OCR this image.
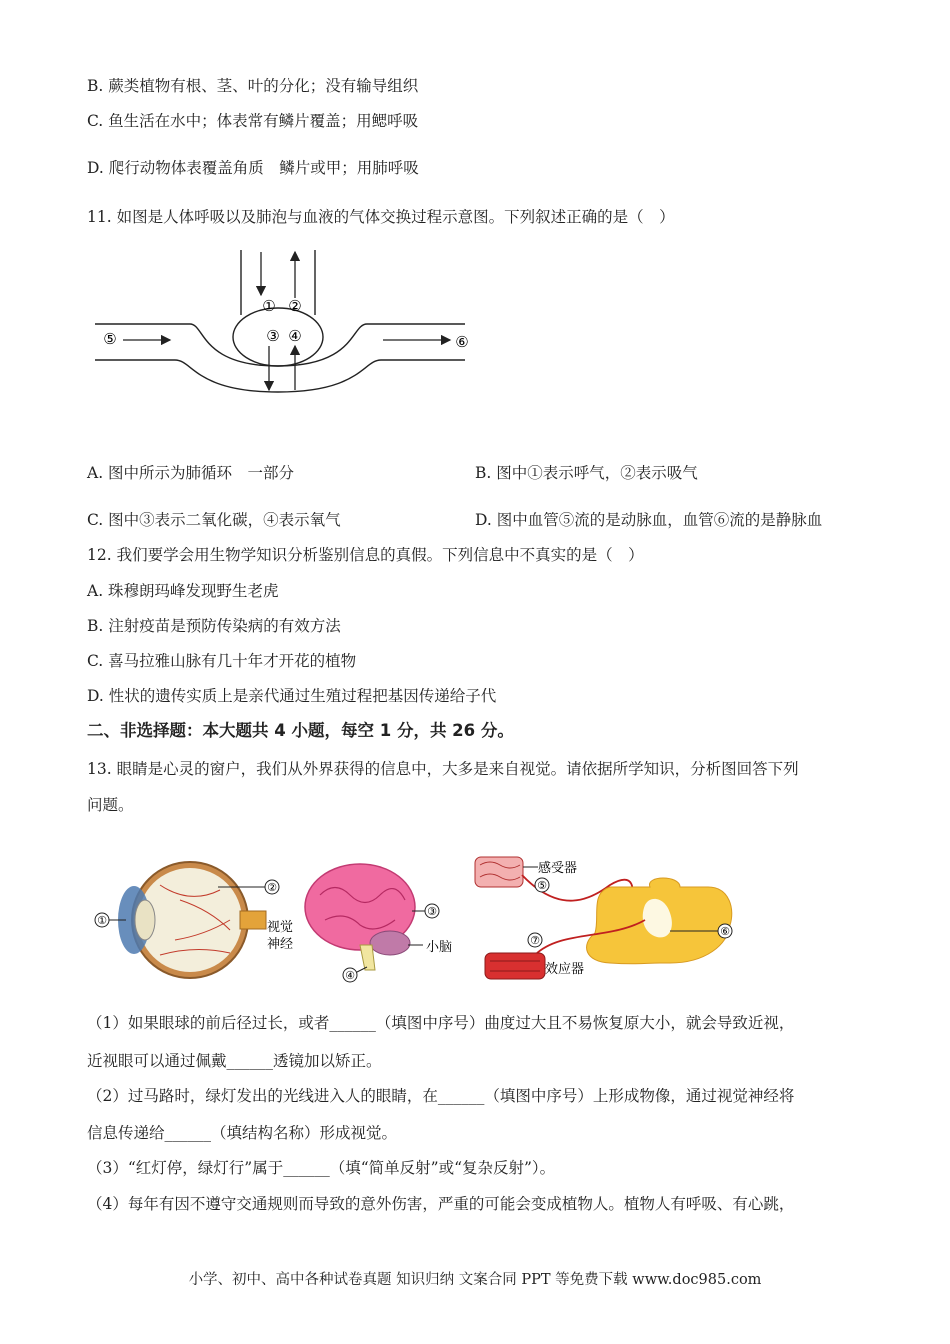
B. 蕨类植物有根、茎、叶的分化；没有输导组织
C. 鱼生活在水中；体表常有鳞片覆盖；用鳃呼吸
D. 爬行动物体表覆盖角质　鳞片或甲；用肺呼吸
11. 如图是人体呼吸以及肺泡与血液的气体交换过程示意图。下列叙述正确的是（　）
① ②
③ ④
⑤	⑥
A. 图中所示为肺循环　一部分	B. 图中①表示呼气，②表示吸气
C. 图中③表示二氧化碳，④表示氧气	D. 图中血管⑤流的是动脉血，血管⑥流的是静脉血
12. 我们要学会用生物学知识分析鉴别信息的真假。下列信息中不真实的是（　）
A. 珠穆朗玛峰发现野生老虎
B. 注射疫苗是预防传染病的有效方法
C. 喜马拉雅山脉有几十年才开花的植物
D. 性状的遗传实质上是亲代通过生殖过程把基因传递给子代
二、非选择题：本大题共 4 小题，每空 1 分，共 26 分。
13. 眼睛是心灵的窗户，我们从外界获得的信息中，大多是来自视觉。请依据所学知识，分析图回答下列
问题。
①
②
视觉
神经
③
小脑
④
感受器
⑤
⑦
效应器
⑥
（1）如果眼球的前后径过长，或者______（填图中序号）曲度过大且不易恢复原大小，就会导致近视，
近视眼可以通过佩戴______透镜加以矫正。
（2）过马路时，绿灯发出的光线进入人的眼睛，在______（填图中序号）上形成物像，通过视觉神经将
信息传递给______（填结构名称）形成视觉。
（3）“红灯停，绿灯行”属于______（填“简单反射”或“复杂反射”）。
（4）每年有因不遵守交通规则而导致的意外伤害，严重的可能会变成植物人。植物人有呼吸、有心跳，
小学、初中、高中各种试卷真题 知识归纳 文案合同 PPT 等免费下载 www.doc985.com
